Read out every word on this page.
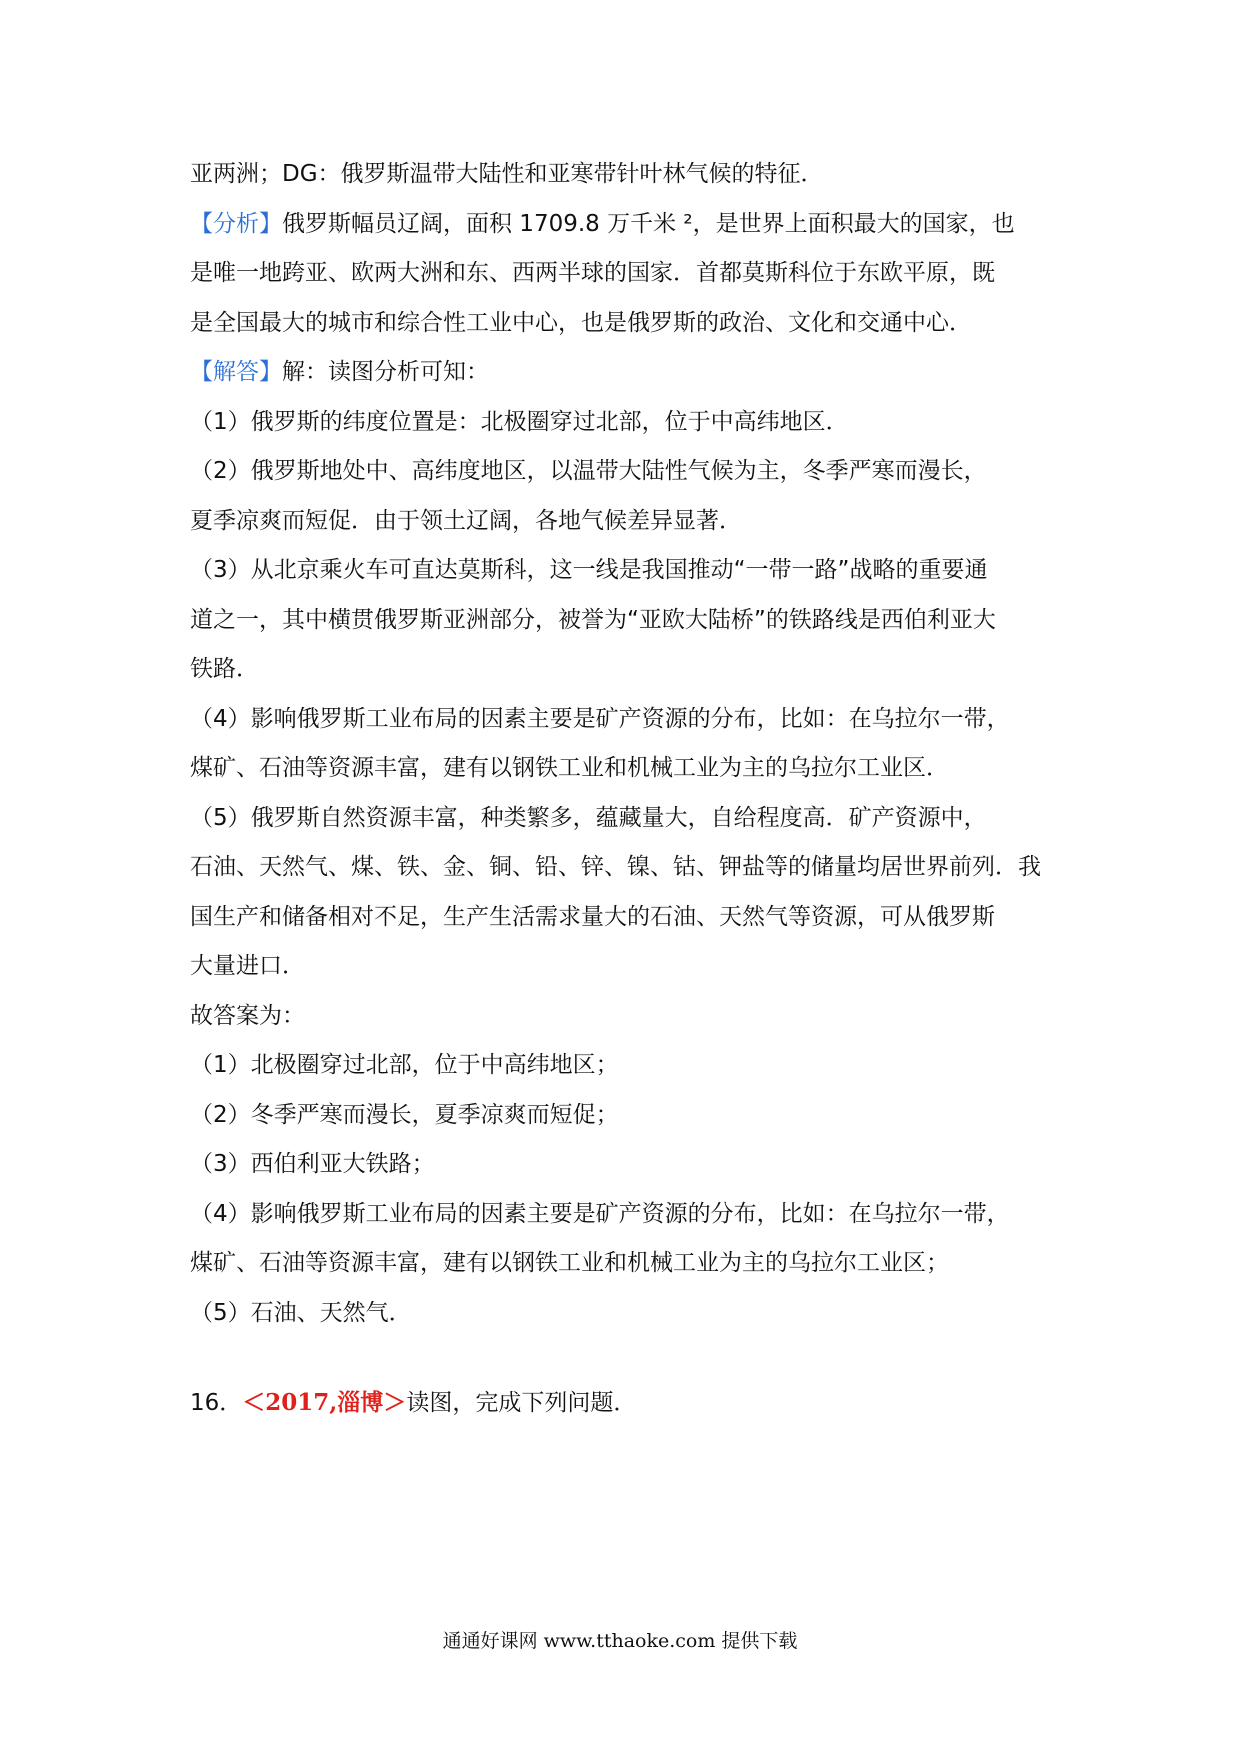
亚两洲；DG：俄罗斯温带大陆性和亚寒带针叶林气候的特征．
【分析】俄罗斯幅员辽阔，面积 1709.8 万千米 ²，是世界上面积最大的国家，也
是唯一地跨亚、欧两大洲和东、西两半球的国家．首都莫斯科位于东欧平原，既
是全国最大的城市和综合性工业中心，也是俄罗斯的政治、文化和交通中心．
【解答】解：读图分析可知：
（1）俄罗斯的纬度位置是：北极圈穿过北部，位于中高纬地区．
（2）俄罗斯地处中、高纬度地区，以温带大陆性气候为主，冬季严寒而漫长，
夏季凉爽而短促．由于领土辽阔，各地气候差异显著．
（3）从北京乘火车可直达莫斯科，这一线是我国推动“一带一路”战略的重要通
道之一，其中横贯俄罗斯亚洲部分，被誉为“亚欧大陆桥”的铁路线是西伯利亚大
铁路．
（4）影响俄罗斯工业布局的因素主要是矿产资源的分布，比如：在乌拉尔一带，
煤矿、石油等资源丰富，建有以钢铁工业和机械工业为主的乌拉尔工业区．
（5）俄罗斯自然资源丰富，种类繁多，蕴藏量大，自给程度高．矿产资源中，
石油、天然气、煤、铁、金、铜、铅、锌、镍、钴、钾盐等的储量均居世界前列．我
国生产和储备相对不足，生产生活需求量大的石油、天然气等资源，可从俄罗斯
大量进口．
故答案为：
（1）北极圈穿过北部，位于中高纬地区；
（2）冬季严寒而漫长，夏季凉爽而短促；
（3）西伯利亚大铁路；
（4）影响俄罗斯工业布局的因素主要是矿产资源的分布，比如：在乌拉尔一带，
煤矿、石油等资源丰富，建有以钢铁工业和机械工业为主的乌拉尔工业区；
（5）石油、天然气．
16．＜2017,淄博＞读图，完成下列问题．
通通好课网 www.tthaoke.com 提供下载
